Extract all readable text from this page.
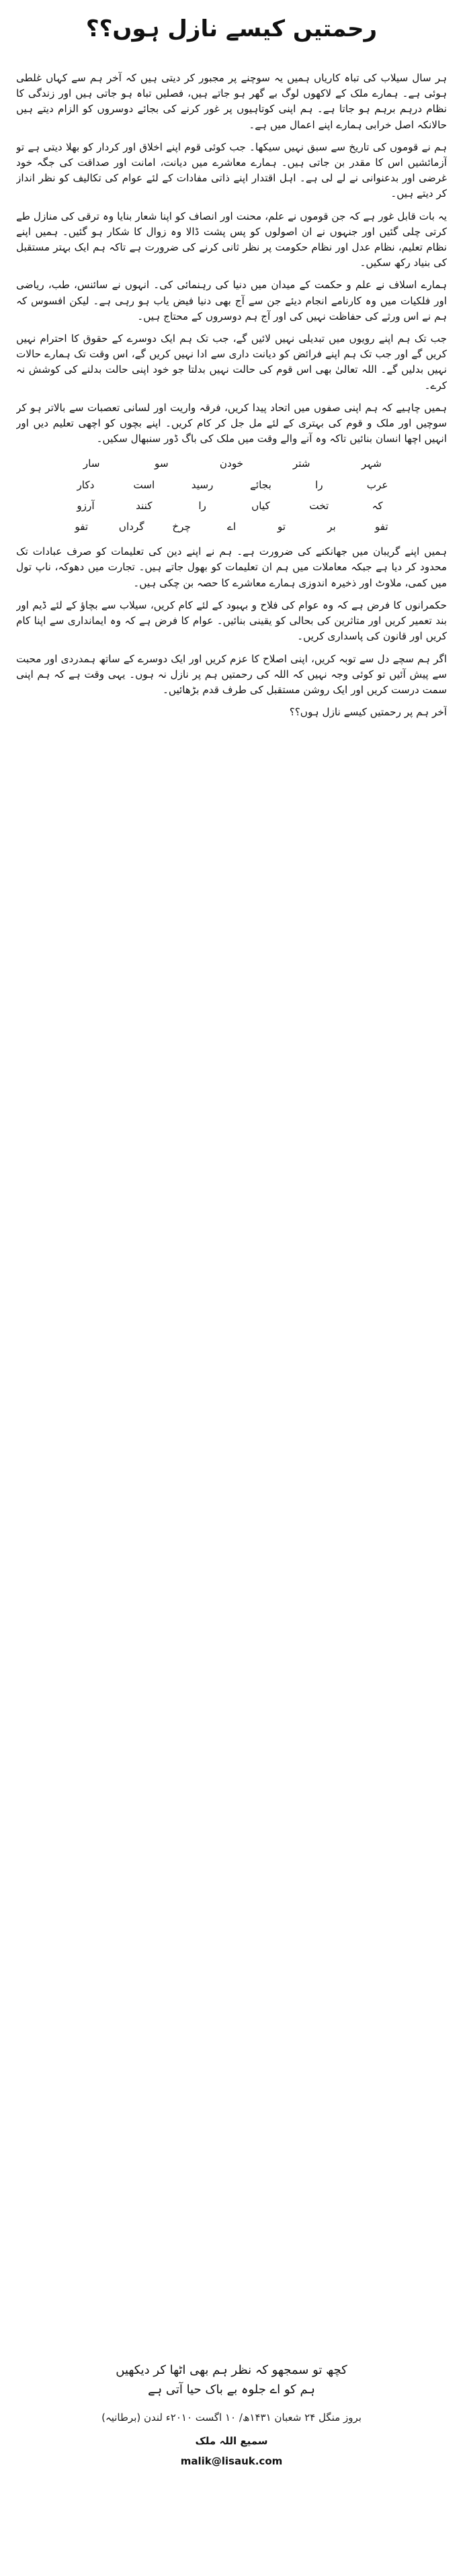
رحمتیں کیسے نازل ہوں؟؟

ہر سال سیلاب کی تباہ کاریاں ہمیں یہ سوچنے پر مجبور کر دیتی ہیں کہ آخر ہم سے کہاں غلطی ہوئی ہے۔ ہمارے ملک کے لاکھوں لوگ بے گھر ہو جاتے ہیں، فصلیں تباہ ہو جاتی ہیں اور زندگی کا نظام درہم برہم ہو جاتا ہے۔ ہم اپنی کوتاہیوں پر غور کرنے کی بجائے دوسروں کو الزام دیتے ہیں حالانکہ اصل خرابی ہمارے اپنے اعمال میں ہے۔

ہم نے قوموں کی تاریخ سے سبق نہیں سیکھا۔ جب کوئی قوم اپنے اخلاق اور کردار کو بھلا دیتی ہے تو آزمائشیں اس کا مقدر بن جاتی ہیں۔ ہمارے معاشرے میں دیانت، امانت اور صداقت کی جگہ خود غرضی اور بدعنوانی نے لے لی ہے۔ اہل اقتدار اپنے ذاتی مفادات کے لئے عوام کی تکالیف کو نظر انداز کر دیتے ہیں۔

یہ بات قابل غور ہے کہ جن قوموں نے علم، محنت اور انصاف کو اپنا شعار بنایا وہ ترقی کی منازل طے کرتی چلی گئیں اور جنہوں نے ان اصولوں کو پس پشت ڈالا وہ زوال کا شکار ہو گئیں۔ ہمیں اپنے نظام تعلیم، نظام عدل اور نظام حکومت پر نظر ثانی کرنے کی ضرورت ہے تاکہ ہم ایک بہتر مستقبل کی بنیاد رکھ سکیں۔

ہمارے اسلاف نے علم و حکمت کے میدان میں دنیا کی رہنمائی کی۔ انہوں نے سائنس، طب، ریاضی اور فلکیات میں وہ کارنامے انجام دیئے جن سے آج بھی دنیا فیض یاب ہو رہی ہے۔ لیکن افسوس کہ ہم نے اس ورثے کی حفاظت نہیں کی اور آج ہم دوسروں کے محتاج ہیں۔

جب تک ہم اپنے رویوں میں تبدیلی نہیں لائیں گے، جب تک ہم ایک دوسرے کے حقوق کا احترام نہیں کریں گے اور جب تک ہم اپنے فرائض کو دیانت داری سے ادا نہیں کریں گے، اس وقت تک ہمارے حالات نہیں بدلیں گے۔ اللہ تعالیٰ بھی اس قوم کی حالت نہیں بدلتا جو خود اپنی حالت بدلنے کی کوشش نہ کرے۔

ہمیں چاہیے کہ ہم اپنی صفوں میں اتحاد پیدا کریں، فرقہ واریت اور لسانی تعصبات سے بالاتر ہو کر سوچیں اور ملک و قوم کی بہتری کے لئے مل جل کر کام کریں۔ اپنے بچوں کو اچھی تعلیم دیں اور انہیں اچھا انسان بنائیں تاکہ وہ آنے والے وقت میں ملک کی باگ ڈور سنبھال سکیں۔

شہر
شتر
خودن
سو
سار
عرب
را
بجائے
رسید
است
دکار
کہ
تخت
کیاں
را
کنند
آرزو
تفو
بر
تو
اے
چرخ
گرداں
تفو

ہمیں اپنے گریبان میں جھانکنے کی ضرورت ہے۔ ہم نے اپنے دین کی تعلیمات کو صرف عبادات تک محدود کر دیا ہے جبکہ معاملات میں ہم ان تعلیمات کو بھول جاتے ہیں۔ تجارت میں دھوکہ، ناپ تول میں کمی، ملاوٹ اور ذخیرہ اندوزی ہمارے معاشرے کا حصہ بن چکی ہیں۔

حکمرانوں کا فرض ہے کہ وہ عوام کی فلاح و بہبود کے لئے کام کریں، سیلاب سے بچاؤ کے لئے ڈیم اور بند تعمیر کریں اور متاثرین کی بحالی کو یقینی بنائیں۔ عوام کا فرض ہے کہ وہ ایمانداری سے اپنا کام کریں اور قانون کی پاسداری کریں۔

اگر ہم سچے دل سے توبہ کریں، اپنی اصلاح کا عزم کریں اور ایک دوسرے کے ساتھ ہمدردی اور محبت سے پیش آئیں تو کوئی وجہ نہیں کہ اللہ کی رحمتیں ہم پر نازل نہ ہوں۔ یہی وقت ہے کہ ہم اپنی سمت درست کریں اور ایک روشن مستقبل کی طرف قدم بڑھائیں۔

آخر ہم پر رحمتیں کیسے نازل ہوں؟؟

کچھ تو سمجھو کہ نظر ہم بھی اٹھا کر دیکھیں
ہم کو اے جلوہ بے باک حیا آتی ہے
بروز منگل ۲۴ شعبان ۱۴۳۱ھ/ ۱۰ اگست ۲۰۱۰ء لندن (برطانیہ)
سمیع اللہ ملک
malik@lisauk.com
